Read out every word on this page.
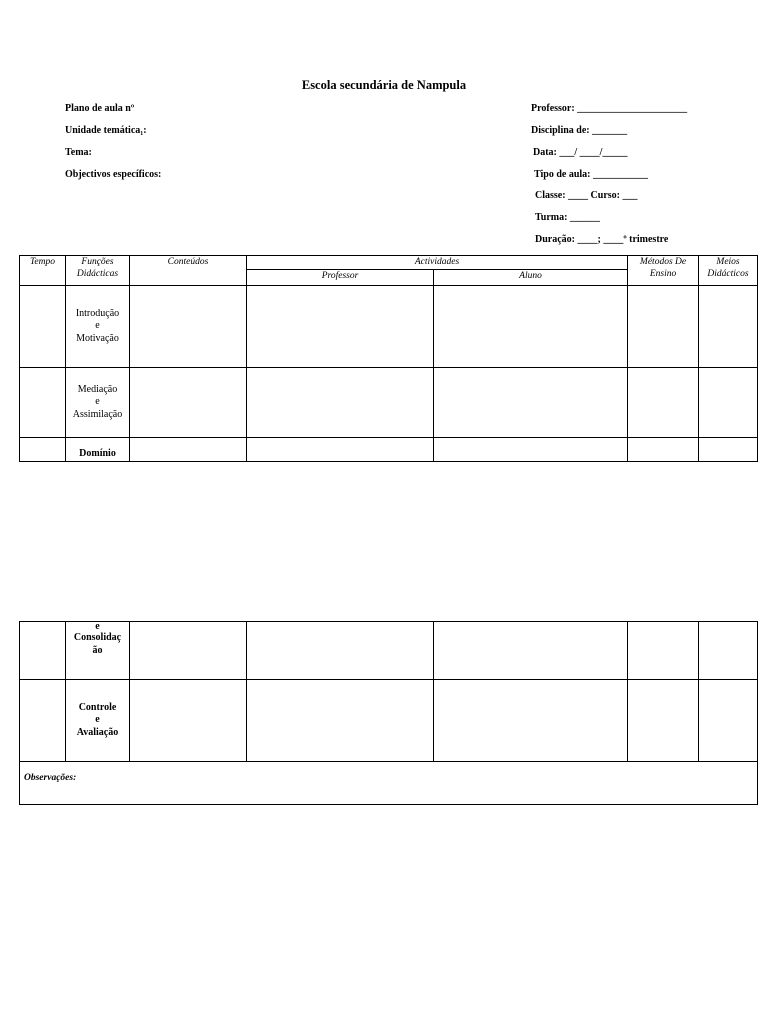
Escola secundária de Nampula
Plano de aula nº
Unidade temática₁:
Tema:
Objectivos específicos:
Professor: ______________________
Disciplina de: _______
Data: ___/ ____/_____
Tipo de aula: ___________
Classe: ____ Curso: ___
Turma: ______
Duração: ____; ____º trimestre
Tempo	Funções Didácticas	Conteúdos	Actividades		Métodos De Ensino	Meios Didácticos
			Professor	Aluno		

	Introdução
e
Motivação					

	Mediação
e
Assimilação					

	Domínio					

	e
Consolidaç
ão					

	Controle
e
Avaliação					

Observações:						
